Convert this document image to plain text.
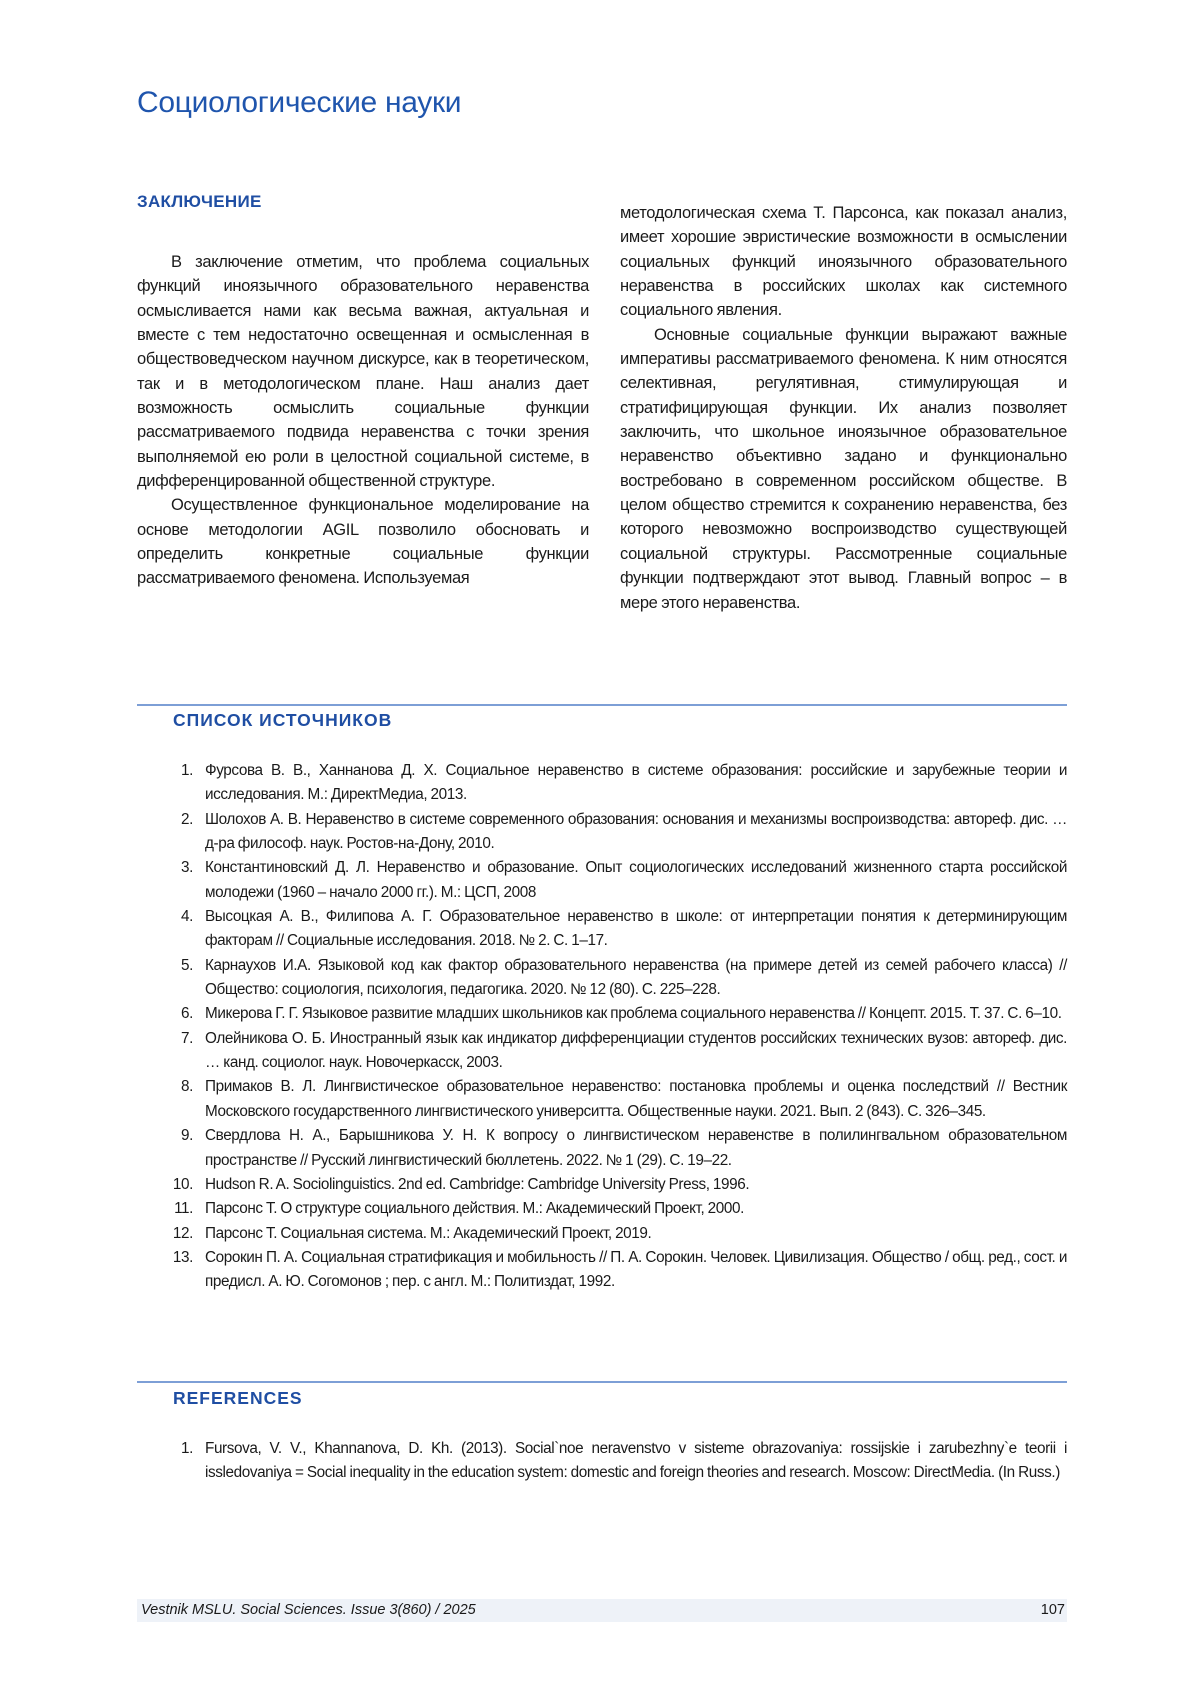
Социологические науки
ЗАКЛЮЧЕНИЕ

В заключение отметим, что проблема социальных функций иноязычного образовательного неравенства осмысливается нами как весьма важная, актуальная и вместе с тем недостаточно освещенная и осмысленная в обществоведческом научном дискурсе, как в теоретическом, так и в методологическом плане. Наш анализ дает возможность осмыслить социальные функции рассматриваемого подвида неравенства с точки зрения выполняемой ею роли в целостной социальной системе, в дифференцированной общественной структуре.

Осуществленное функциональное моделирование на основе методологии AGIL позволило обосновать и определить конкретные социальные функции рассматриваемого феномена. Используемая

методологическая схема Т. Парсонса, как показал анализ, имеет хорошие эвристические возможности в осмыслении социальных функций иноязычного образовательного неравенства в российских школах как системного социального явления.

Основные социальные функции выражают важные императивы рассматриваемого феномена. К ним относятся селективная, регулятивная, стимулирующая и стратифицирующая функции. Их анализ позволяет заключить, что школьное иноязычное образовательное неравенство объективно задано и функционально востребовано в современном российском обществе. В целом общество стремится к сохранению неравенства, без которого невозможно воспроизводство существующей социальной структуры. Рассмотренные социальные функции подтверждают этот вывод. Главный вопрос – в мере этого неравенства.

СПИСОК ИСТОЧНИКОВ
1. Фурсова В. В., Ханнанова Д. Х. Социальное неравенство в системе образования: российские и зарубежные теории и исследования. М.: ДиректМедиа, 2013.
2. Шолохов А. В. Неравенство в системе современного образования: основания и механизмы воспроизводства: автореф. дис. … д-ра философ. наук. Ростов-на-Дону, 2010.
3. Константиновский Д. Л. Неравенство и образование. Опыт социологических исследований жизненного старта российской молодежи (1960 – начало 2000 гг.). М.: ЦСП, 2008
4. Высоцкая А. В., Филипова А. Г. Образовательное неравенство в школе: от интерпретации понятия к детерминирующим факторам // Социальные исследования. 2018. № 2. С. 1–17.
5. Карнаухов И.А. Языковой код как фактор образовательного неравенства (на примере детей из семей рабочего класса) // Общество: социология, психология, педагогика. 2020. № 12 (80). С. 225–228.
6. Микерова Г. Г. Языковое развитие младших школьников как проблема социального неравенства // Концепт. 2015. Т. 37. С. 6–10.
7. Олейникова О. Б. Иностранный язык как индикатор дифференциации студентов российских технических вузов: автореф. дис. … канд. социолог. наук. Новочеркасск, 2003.
8. Примаков В. Л. Лингвистическое образовательное неравенство: постановка проблемы и оценка последствий // Вестник Московского государственного лингвистического университта. Общественные науки. 2021. Вып. 2 (843). С. 326–345.
9. Свердлова Н. А., Барышникова У. Н. К вопросу о лингвистическом неравенстве в полилингвальном образовательном пространстве // Русский лингвистический бюллетень. 2022. № 1 (29). С. 19–22.
10. Hudson R. A. Sociolinguistics. 2nd ed. Cambridge: Cambridge University Press, 1996.
11. Парсонс Т. О структуре социального действия. М.: Академический Проект, 2000.
12. Парсонс Т. Социальная система. М.: Академический Проект, 2019.
13. Сорокин П. А. Социальная стратификация и мобильность // П. А. Сорокин. Человек. Цивилизация. Общество / общ. ред., сост. и предисл. А. Ю. Согомонов ; пер. с англ. М.: Политиздат, 1992.
REFERENCES
1. Fursova, V. V., Khannanova, D. Kh. (2013). Social`noe neravenstvo v sisteme obrazovaniya: rossijskie i zarubezhny`e teorii i issledovaniya = Social inequality in the education system: domestic and foreign theories and research. Moscow: DirectMedia. (In Russ.)
Vestnik MSLU. Social Sciences. Issue 3(860) / 2025	107
